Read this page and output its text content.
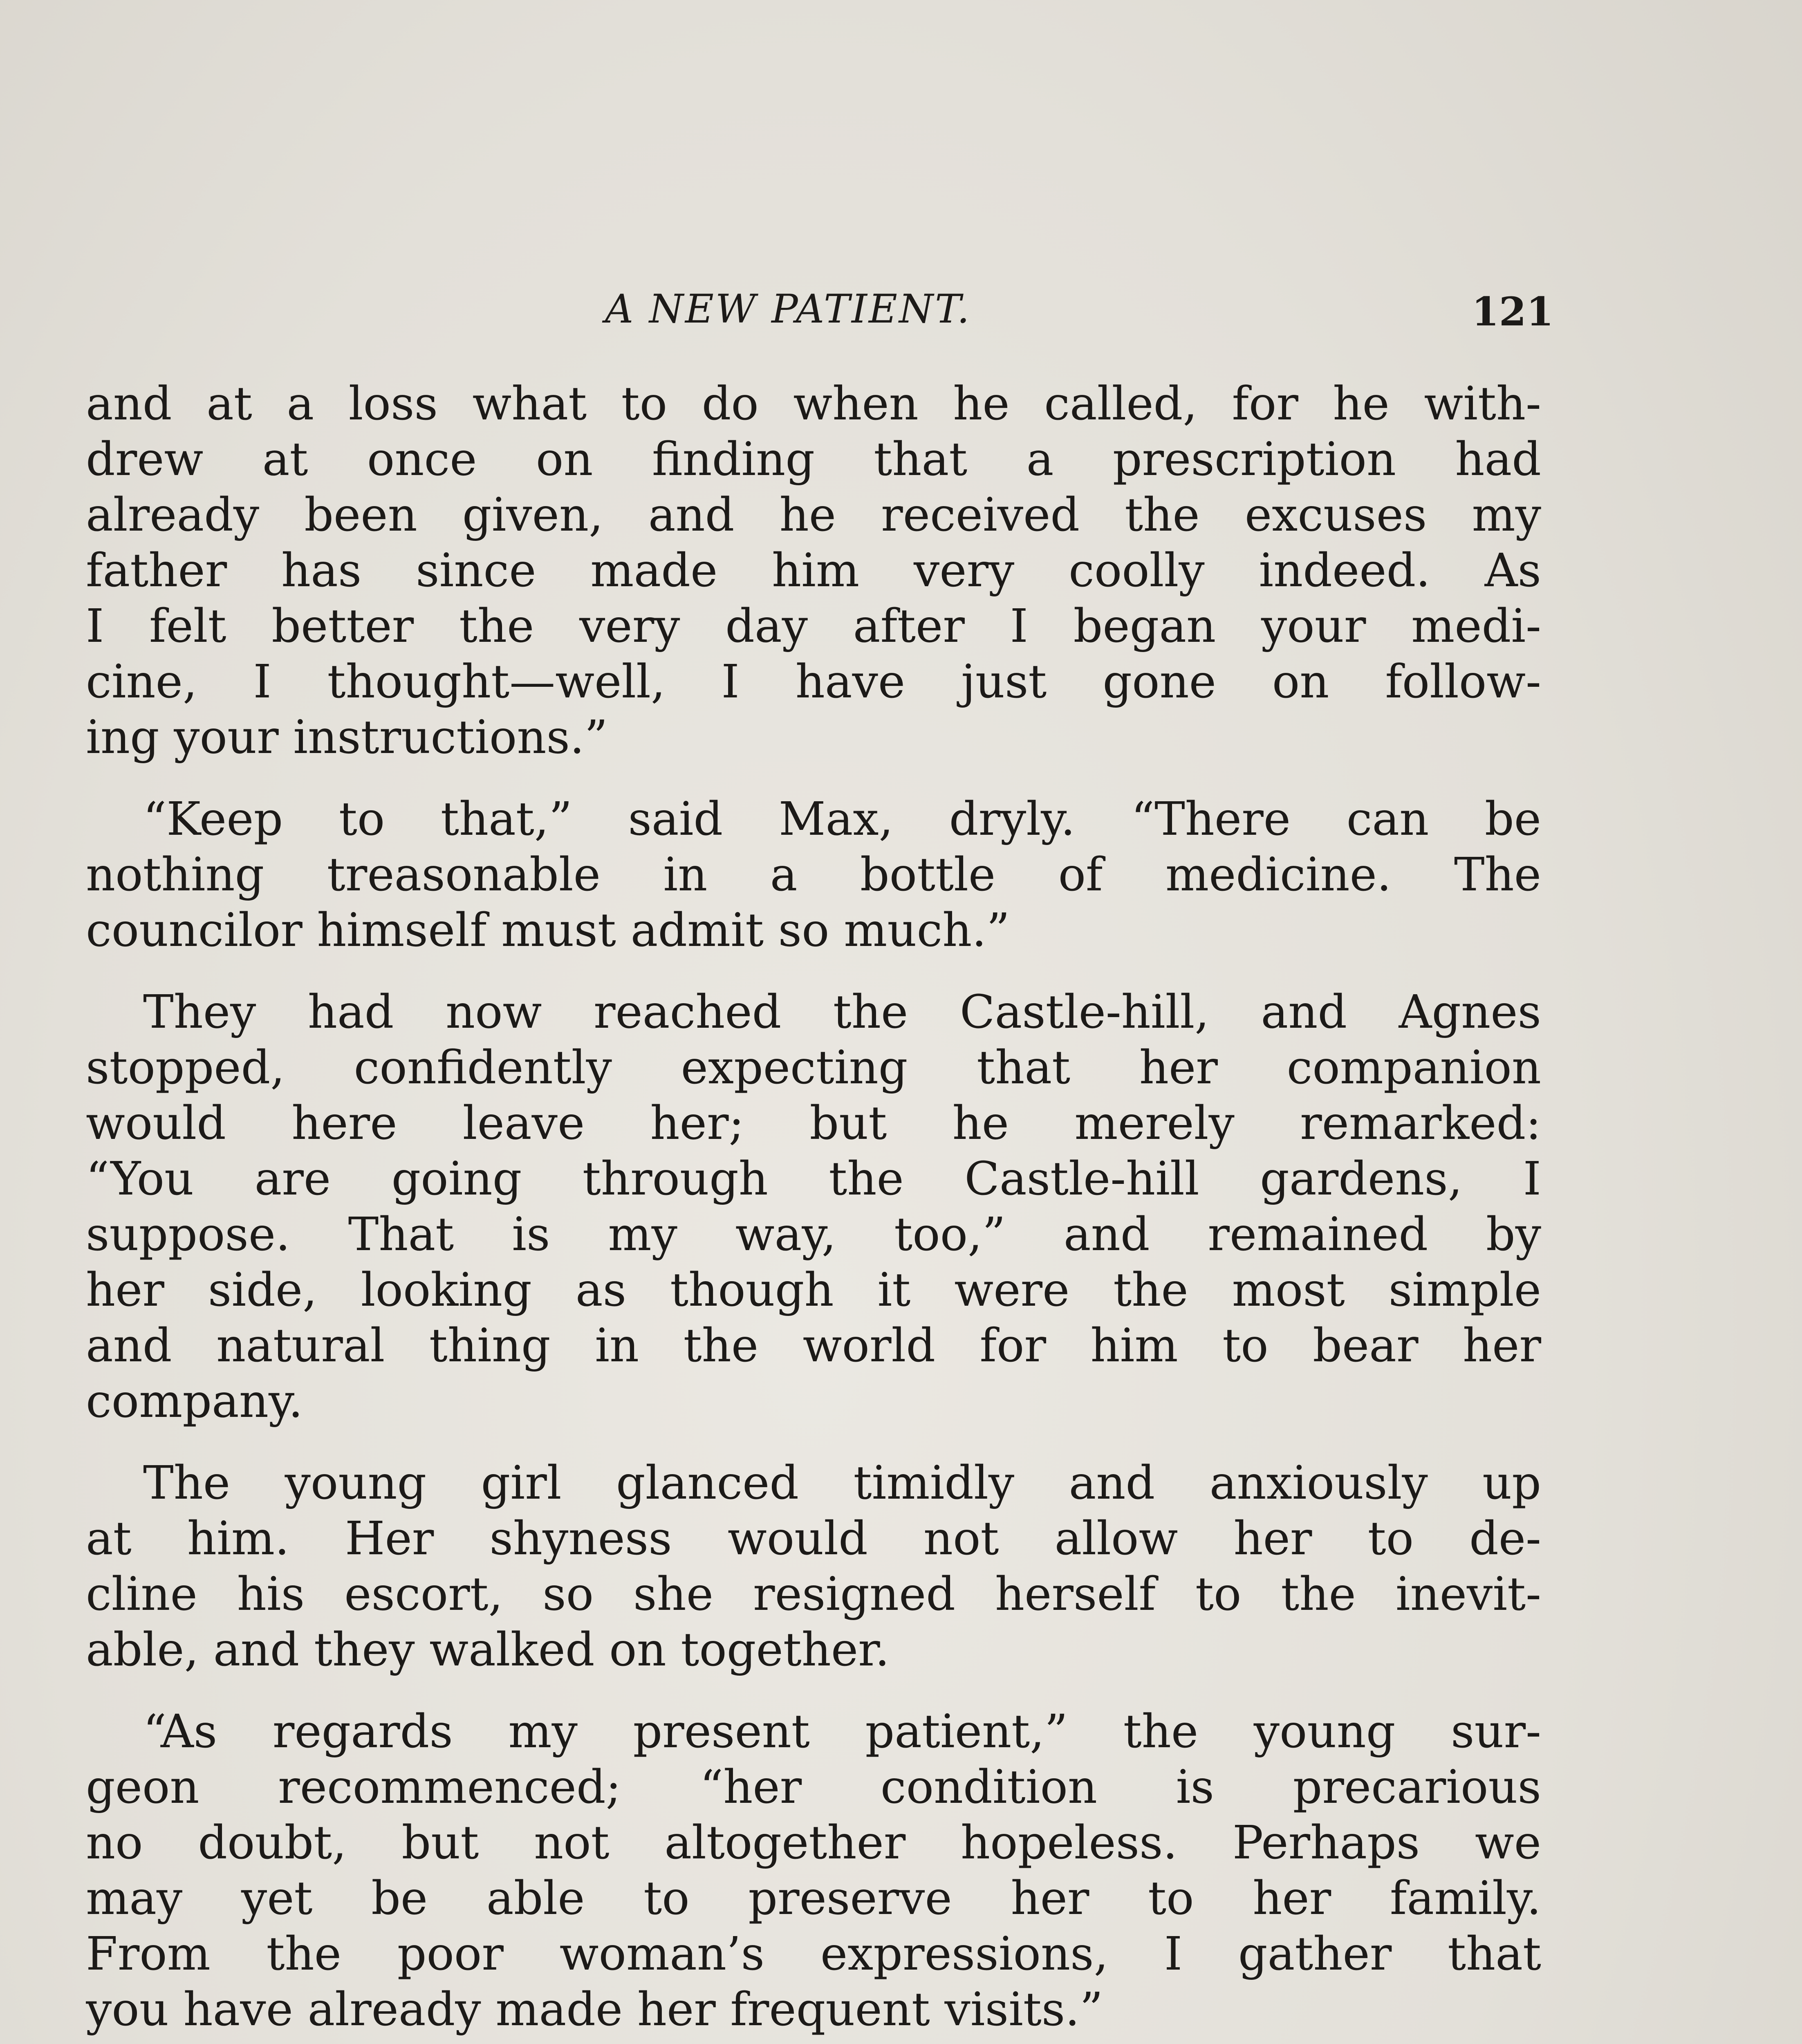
A NEW PATIENT.	121
and at a loss what to do when he called, for he with-
drew at once on finding that a prescription had
already been given, and he received the excuses my
father has since made him very coolly indeed. As
I felt better the very day after I began your medi-
cine, I thought—well, I have just gone on follow-
ing your instructions.”
“Keep to that,” said Max, dryly. “There can be
nothing treasonable in a bottle of medicine. The
councilor himself must admit so much.”
They had now reached the Castle-hill, and Agnes
stopped, confidently expecting that her companion
would here leave her; but he merely remarked:
“You are going through the Castle-hill gardens, I
suppose. That is my way, too,” and remained by
her side, looking as though it were the most simple
and natural thing in the world for him to bear her
company.
The young girl glanced timidly and anxiously up
at him. Her shyness would not allow her to de-
cline his escort, so she resigned herself to the inevit-
able, and they walked on together.
“As regards my present patient,” the young sur-
geon recommenced; “her condition is precarious
no doubt, but not altogether hopeless. Perhaps we
may yet be able to preserve her to her family.
From the poor woman’s expressions, I gather that
you have already made her frequent visits.”
